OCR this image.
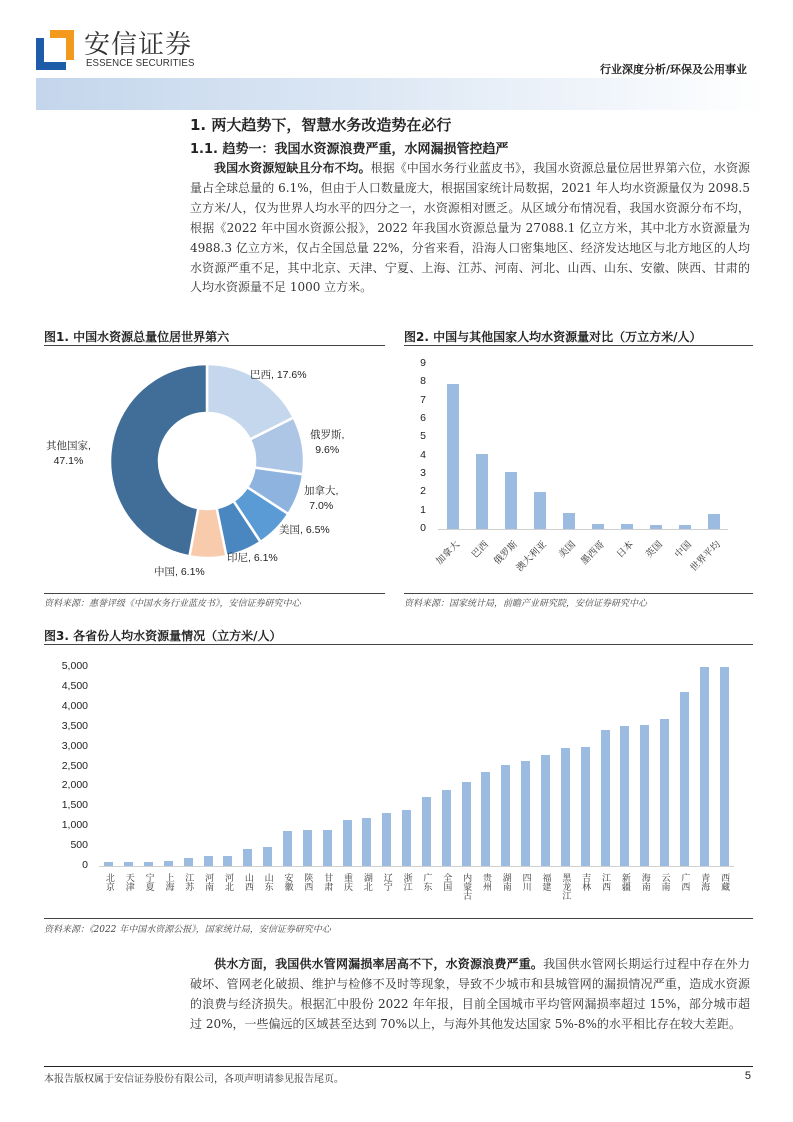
安信证券
ESSENCE SECURITIES	行业深度分析/环保及公用事业
1. 两大趋势下，智慧水务改造势在必行
1.1. 趋势一：我国水资源浪费严重，水网漏损管控趋严
我国水资源短缺且分布不均。根据《中国水务行业蓝皮书》，我国水资源总量位居世界第六位，水资源量占全球总量的 6.1%，但由于人口数量庞大，根据国家统计局数据，2021 年人均水资源量仅为 2098.5 立方米/人，仅为世界人均水平的四分之一，水资源相对匮乏。从区域分布情况看，我国水资源分布不均，根据《2022 年中国水资源公报》，2022 年我国水资源总量为 27088.1 亿立方米，其中北方水资源量为 4988.3 亿立方米，仅占全国总量 22%，分省来看，沿海人口密集地区、经济发达地区与北方地区的人均水资源严重不足，其中北京、天津、宁夏、上海、江苏、河南、河北、山西、山东、安徽、陕西、甘肃的人均水资源量不足 1000 立方米。
图1. 中国水资源总量位居世界第六
巴西, 17.6%
俄罗斯,
9.6%
加拿大,
7.0%
美国, 6.5%
印尼, 6.1%
中国, 6.1%
其他国家,
47.1%
资料来源：惠誉评级《中国水务行业蓝皮书》，安信证券研究中心
图2. 中国与其他国家人均水资源量对比（万立方米/人）
0
1
2
3
4
5
6
7
8
9
加拿大 巴西 俄罗斯
澳大利亚 美国 墨西哥 日本 英国 中国
世界平均
资料来源：国家统计局，前瞻产业研究院，安信证券研究中心
图3. 各省份人均水资源量情况（立方米/人）
0
500
1,000
1,500
2,000
2,500
3,000
3,500
4,000
4,500
5,000
北京 天津 宁夏 上海 江苏 河南 河北 山西 山东 安徽 陕西 甘肃 重庆 湖北 辽宁 浙江 广东 全国 内蒙古 贵州 湖南 四川 福建 黑龙江 吉林 江西 新疆 海南 云南 广西 青海 西藏
资料来源：《2022 年中国水资源公报》，国家统计局，安信证券研究中心
供水方面，我国供水管网漏损率居高不下，水资源浪费严重。我国供水管网长期运行过程中存在外力破坏、管网老化破损、维护与检修不及时等现象，导致不少城市和县城管网的漏损情况严重，造成水资源的浪费与经济损失。根据汇中股份 2022 年年报，目前全国城市平均管网漏损率超过 15%，部分城市超过 20%，一些偏远的区域甚至达到 70%以上，与海外其他发达国家 5%-8%的水平相比存在较大差距。
本报告版权属于安信证券股份有限公司，各项声明请参见报告尾页。	5
